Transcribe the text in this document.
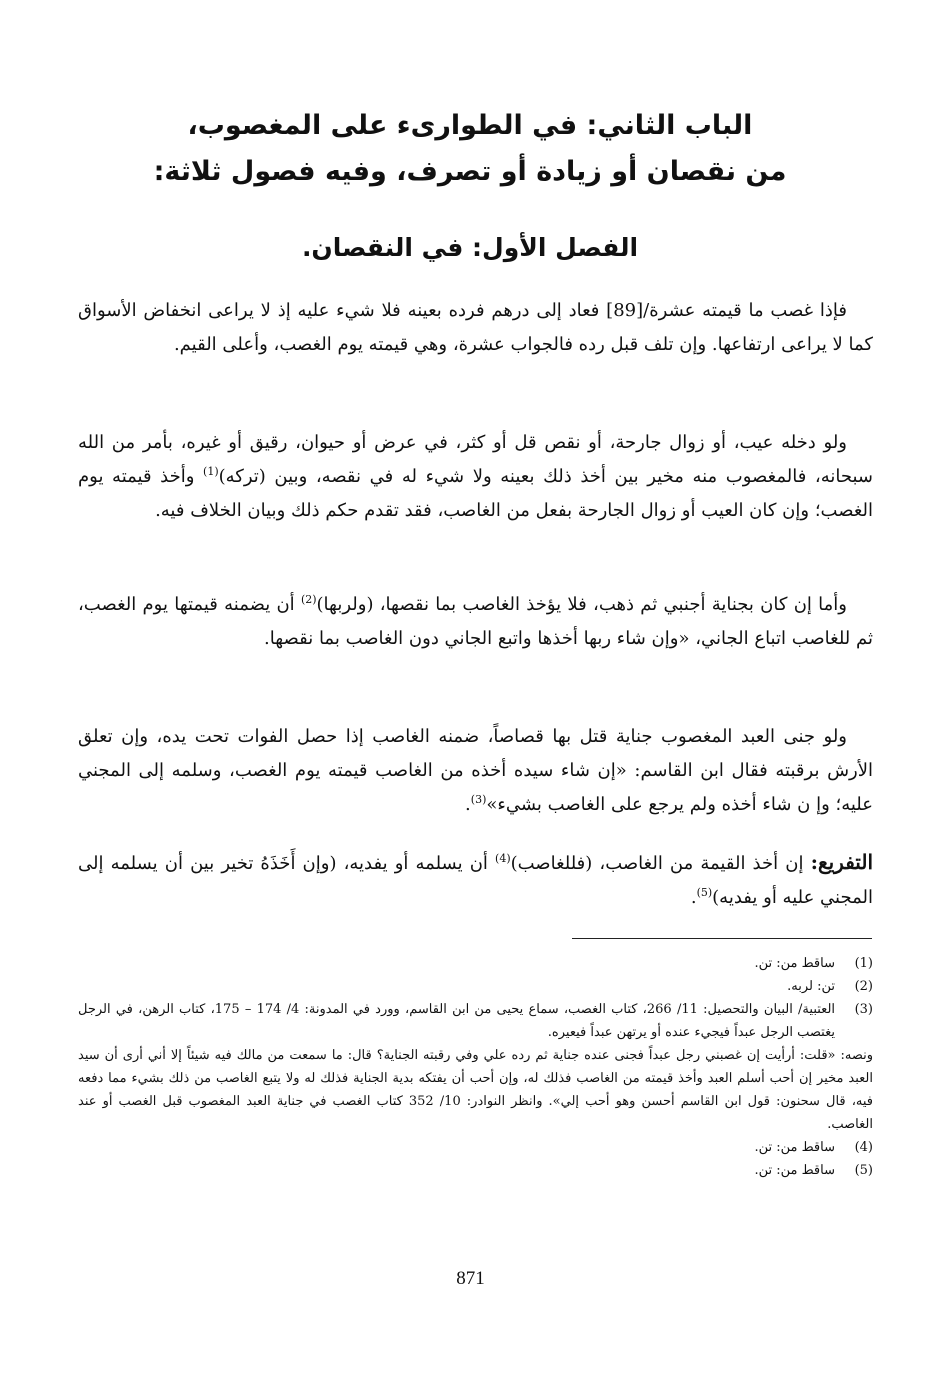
الباب الثاني: في الطوارىء على المغصوب،
من نقصان أو زيادة أو تصرف، وفيه فصول ثلاثة:
الفصل الأول: في النقصان.

فإذا غصب ما قيمته عشرة/[89] فعاد إلى درهم فرده بعينه فلا شيء عليه إذ لا يراعى انخفاض الأسواق كما لا يراعى ارتفاعها. وإن تلف قبل رده فالجواب عشرة، وهي قيمته يوم الغصب، وأعلى القيم.

ولو دخله عيب، أو زوال جارحة، أو نقص قل أو كثر، في عرض أو حيوان، رقيق أو غيره، بأمر من الله سبحانه، فالمغصوب منه مخير بين أخذ ذلك بعينه ولا شيء له في نقصه، وبين (تركه)$^{(1)}$ وأخذ قيمته يوم الغصب؛ وإن كان العيب أو زوال الجارحة بفعل من الغاصب، فقد تقدم حكم ذلك وبيان الخلاف فيه.

وأما إن كان بجناية أجنبي ثم ذهب، فلا يؤخذ الغاصب بما نقصها، (ولربها)$^{(2)}$ أن يضمنه قيمتها يوم الغصب، ثم للغاصب اتباع الجاني، «وإن شاء ربها أخذها واتبع الجاني دون الغاصب بما نقصها.

ولو جنى العبد المغصوب جناية قتل بها قصاصاً، ضمنه الغاصب إذا حصل الفوات تحت يده، وإن تعلق الأرش برقبته فقال ابن القاسم: «إن شاء سيده أخذه من الغاصب قيمته يوم الغصب، وسلمه إلى المجني عليه؛ وإ ن شاء أخذه ولم يرجع على الغاصب بشيء»$^{(3)}$.

التفريع: إن أخذ القيمة من الغاصب، (فللغاصب)$^{(4)}$ أن يسلمه أو يفديه، (وإن أَخَذَهُ تخير بين أن يسلمه إلى المجني عليه أو يفديه)$^{(5)}$.

(1)
ساقط من: تن.
(2)
تن: لربه.
(3)
العتبية/ البيان والتحصيل: 11/ 266، كتاب الغصب، سماع يحيى من ابن القاسم، وورد في المدونة: 4/ 174 – 175، كتاب الرهن، في الرجل يغتصب الرجل عبداً فيجيء عنده أو يرتهن عبداً فيعيره.
ونصه: «قلت: أرأيت إن غصبني رجل عبداً فجنى عنده جناية ثم رده علي وفي رقبته الجناية؟ قال: ما سمعت من مالك فيه شيئاً إلا أني أرى أن سيد العبد مخير إن أحب أسلم العبد وأخذ قيمته من الغاصب فذلك له، وإن أحب أن يفتكه بدية الجناية فذلك له ولا يتبع الغاصب من ذلك بشيء مما دفعه فيه، قال سحنون: قول ابن القاسم أحسن وهو أحب إلي». وانظر النوادر: 10/ 352 كتاب الغصب في جناية العبد المغصوب قبل الغصب أو عند الغاصب.
(4)
ساقط من: تن.
(5)
ساقط من: تن.
871
